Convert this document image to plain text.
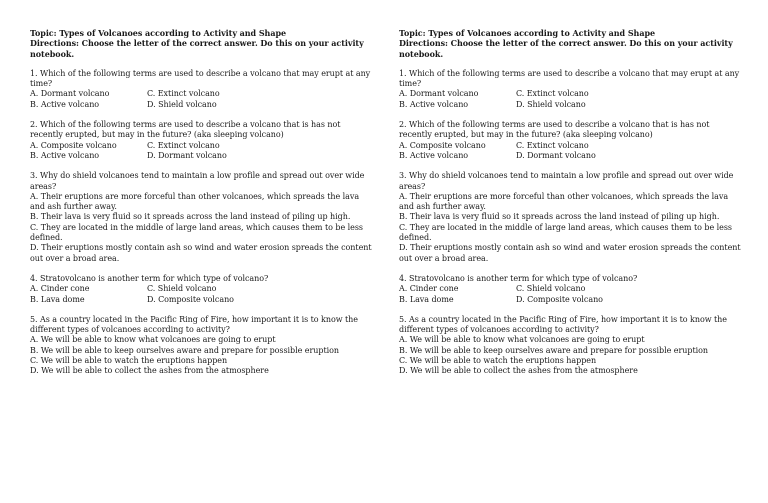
Topic: Types of Volcanoes according to Activity and Shape
Directions: Choose the letter of the correct answer. Do this on your activity notebook.
1. Which of the following terms are used to describe a volcano that may erupt at any time?
A. Dormant volcano	C. Extinct volcano
B. Active volcano	D. Shield volcano
2. Which of the following terms are used to describe a volcano that is has not recently erupted, but may in the future? (aka sleeping volcano)
A. Composite volcano	C. Extinct volcano
B. Active volcano	D. Dormant volcano
3. Why do shield volcanoes tend to maintain a low profile and spread out over wide areas?
A. Their eruptions are more forceful than other volcanoes, which spreads the lava and ash further away.
B. Their lava is very fluid so it spreads across the land instead of piling up high.
C. They are located in the middle of large land areas, which causes them to be less defined.
D. Their eruptions mostly contain ash so wind and water erosion spreads the content out over a broad area.
4. Stratovolcano is another term for which type of volcano?
A. Cinder cone	C. Shield volcano
B. Lava dome	D. Composite volcano
5. As a country located in the Pacific Ring of Fire, how important it is to know the different types of volcanoes according to activity?
A. We will be able to know what volcanoes are going to erupt
B. We will be able to keep ourselves aware and prepare for possible eruption
C. We will be able to watch the eruptions happen
D. We will be able to collect the ashes from the atmosphere
Topic: Types of Volcanoes according to Activity and Shape
Directions: Choose the letter of the correct answer. Do this on your activity notebook.
1. Which of the following terms are used to describe a volcano that may erupt at any time?
A. Dormant volcano	C. Extinct volcano
B. Active volcano	D. Shield volcano
2. Which of the following terms are used to describe a volcano that is has not recently erupted, but may in the future? (aka sleeping volcano)
A. Composite volcano	C. Extinct volcano
B. Active volcano	D. Dormant volcano
3. Why do shield volcanoes tend to maintain a low profile and spread out over wide areas?
A. Their eruptions are more forceful than other volcanoes, which spreads the lava and ash further away.
B. Their lava is very fluid so it spreads across the land instead of piling up high.
C. They are located in the middle of large land areas, which causes them to be less defined.
D. Their eruptions mostly contain ash so wind and water erosion spreads the content out over a broad area.
4. Stratovolcano is another term for which type of volcano?
A. Cinder cone	C. Shield volcano
B. Lava dome	D. Composite volcano
5. As a country located in the Pacific Ring of Fire, how important it is to know the different types of volcanoes according to activity?
A. We will be able to know what volcanoes are going to erupt
B. We will be able to keep ourselves aware and prepare for possible eruption
C. We will be able to watch the eruptions happen
D. We will be able to collect the ashes from the atmosphere
